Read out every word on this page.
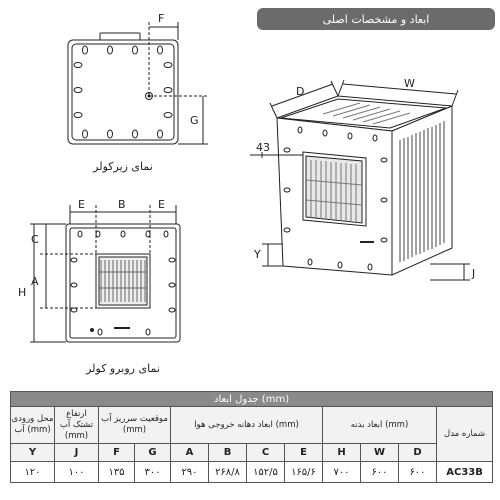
ابعاد و مشخصات اصلی
F
G
نمای زیرکولر
E	B	E
C
A
H
نمای روبرو کولر
D
W
43
Y
J
جدول ابعاد (mm)											
محل ورودی آب (mm)	ارتفاع تشتک آب (mm)	موقعیت سرریز آب (mm)		ابعاد دهانه خروجی هوا (mm)				ابعاد بدنه (mm)			شماره مدل
Y	J	F	G	A	B	C	E	H	W	D	
۱۲۰	۱۰۰	۱۳۵	۳۰۰	۲۹۰	۲۶۸/۸	۱۵۲/۵	۱۶۵/۶	۷۰۰	۶۰۰	۶۰۰	AC33B
